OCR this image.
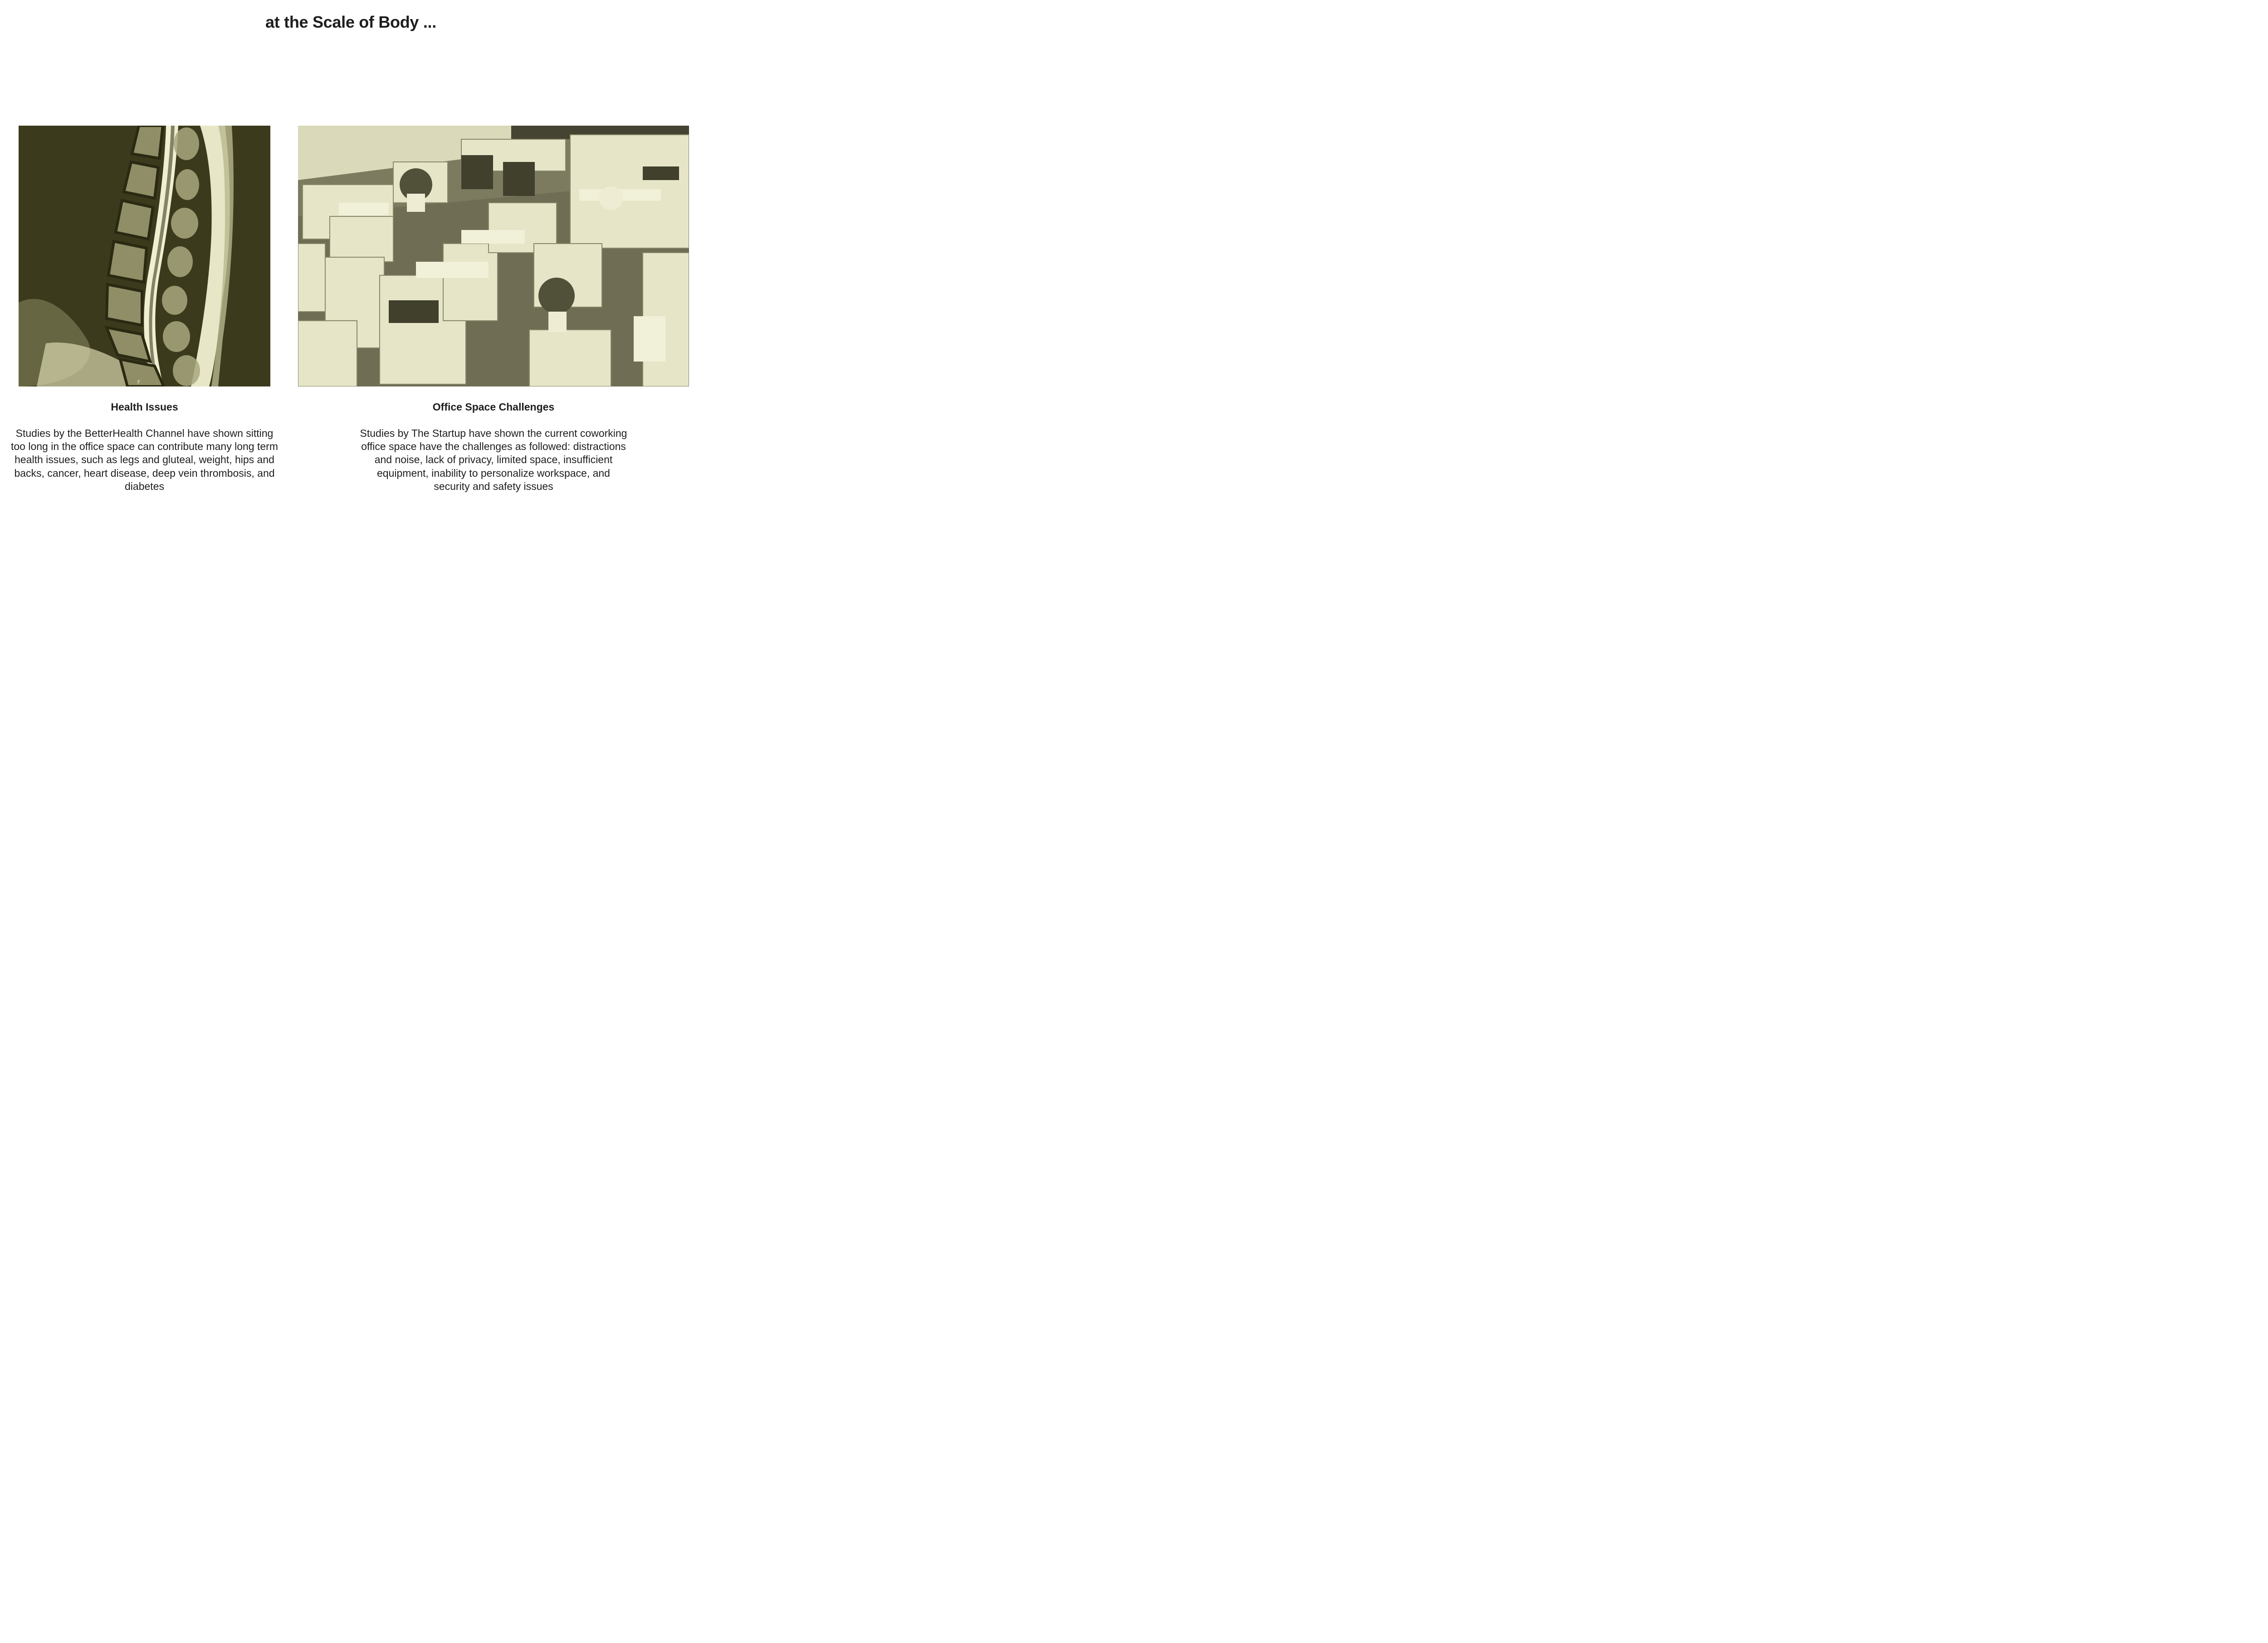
at the Scale of Body ...
F
Health Issues
Studies by the BetterHealth Channel have shown sitting too long in the office space can contribute many long term health issues, such as legs and gluteal, weight, hips and backs, cancer, heart disease, deep vein thrombosis, and diabetes
Office Space Challenges
Studies by The Startup have shown the current coworking office space have the challenges as followed: distractions and noise, lack of privacy, limited space, insufficient equipment, inability to personalize workspace, and security and safety issues
